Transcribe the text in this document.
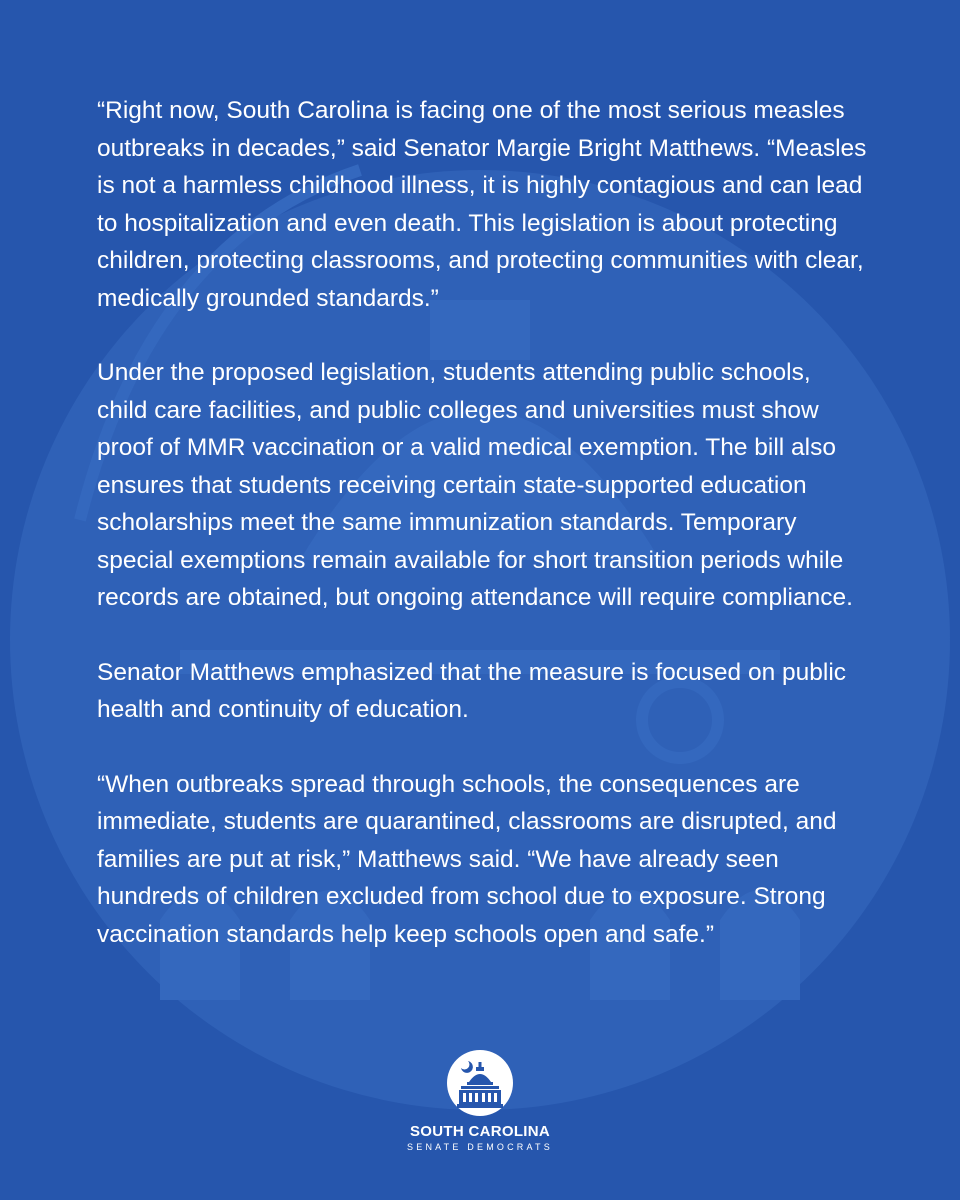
“Right now, South Carolina is facing one of the most serious measles outbreaks in decades,” said Senator Margie Bright Matthews. “Measles is not a harmless childhood illness, it is highly contagious and can lead to hospitalization and even death. This legislation is about protecting children, protecting classrooms, and protecting communities with clear, medically grounded standards.”

Under the proposed legislation, students attending public schools, child care facilities, and public colleges and universities must show proof of MMR vaccination or a valid medical exemption. The bill also ensures that students receiving certain state-supported education scholarships meet the same immunization standards. Temporary special exemptions remain available for short transition periods while records are obtained, but ongoing attendance will require compliance.

Senator Matthews emphasized that the measure is focused on public health and continuity of education.

“When outbreaks spread through schools, the consequences are immediate, students are quarantined, classrooms are disrupted, and families are put at risk,” Matthews said. “We have already seen hundreds of children excluded from school due to exposure. Strong vaccination standards help keep schools open and safe.”

SOUTH CAROLINA
SENATE DEMOCRATS
